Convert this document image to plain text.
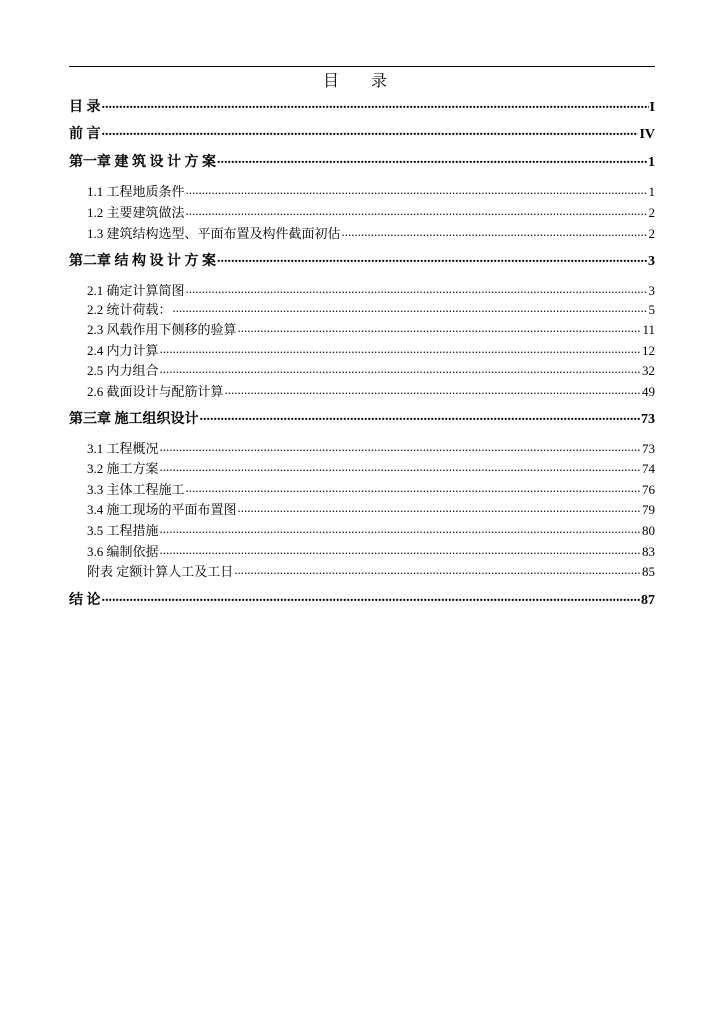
目 录
目 录 .....	I
前 言 .....	IV
第一章 建 筑 设 计 方 案 .....	1
1.1 工程地质条件 .....	1
1.2 主要建筑做法 .....	2
1.3 建筑结构选型、平面布置及构件截面初估 .....	2
第二章 结 构 设 计 方 案 .....	3
2.1 确定计算简图 .....	3
2.2 统计荷载： .....	5
2.3 风载作用下侧移的验算 .....	11
2.4 内力计算 .....	12
2.5 内力组合 .....	32
2.6 截面设计与配筋计算 .....	49
第三章 施工组织设计 .....	73
3.1 工程概况 .....	73
3.2 施工方案 .....	74
3.3 主体工程施工 .....	76
3.4 施工现场的平面布置图 .....	79
3.5 工程措施 .....	80
3.6 编制依据 .....	83
附表 定额计算人工及工日 .....	85
结 论 .....	87
